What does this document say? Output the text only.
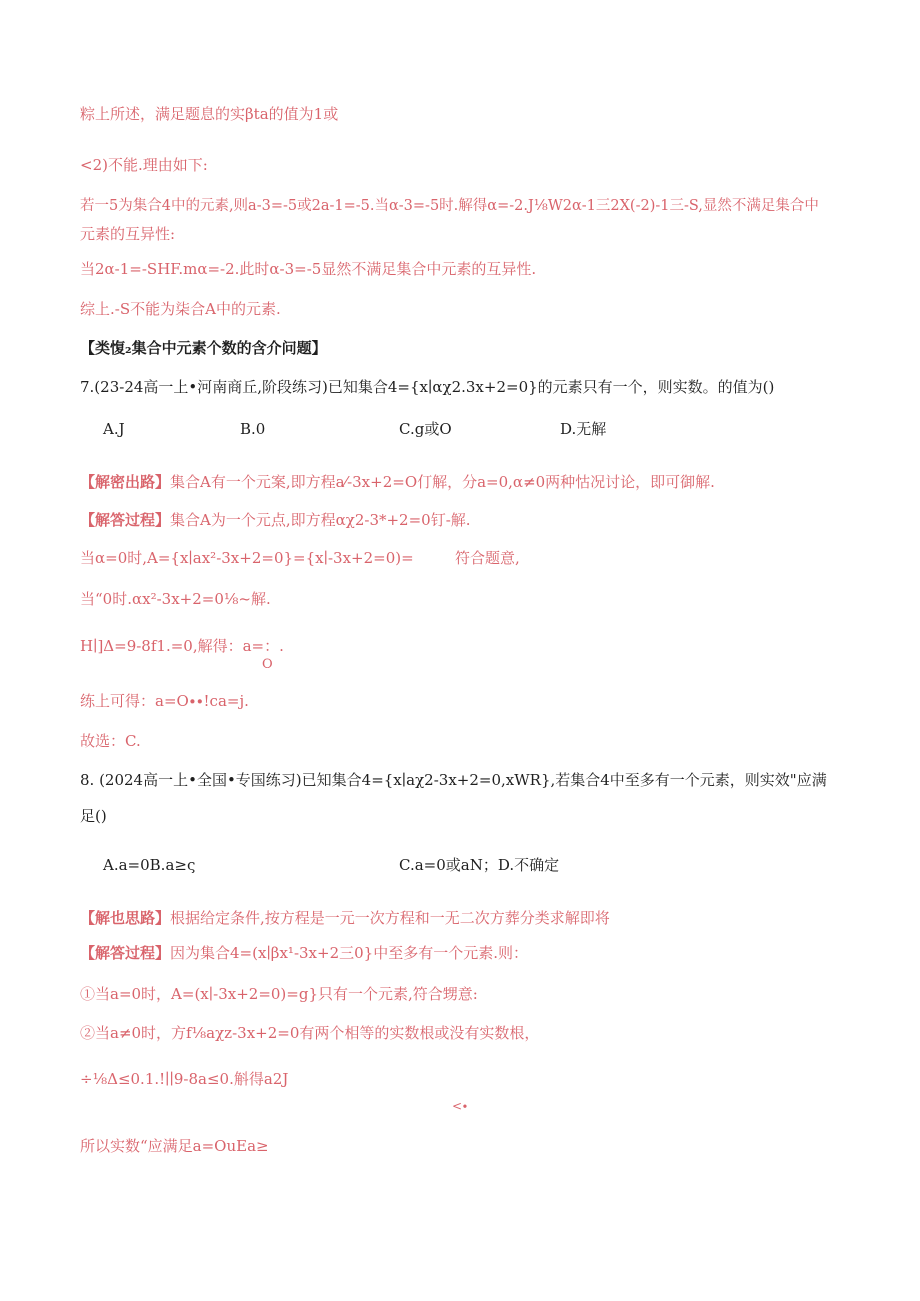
粽上所述，满足题息的实βta的值为1或
<2)不能.理由如下:
若一5为集合4中的元素,则a-3=-5或2a-1=-5.当α-3=-5时.解得α=-2.J⅛W2α-1三2X(-2)-1三-S,显然不满足集合中
元素的互异性:
当2α-1=-SHF.mα=-2.此时α-3=-5显然不满足集合中元素的互异性.
综上.-S不能为柒合A中的元素.
【类愎₂集合中元素个数的含介问题】
7.(23-24高一上•河南商丘,阶段练习)已知集合4={x∣αχ2.3x+2=0}的元素只有一个，则实数。的值为()
A.J	B.0	C.g或O	D.无解
【解密出路】集合A有一个元案,即方程a⁄-3x+2=O仃解，分a=0,α≠0两种怙况讨论，即可御解.
【解答过程】集合A为一个元点,即方程αχ2-3*+2=0钉-解.
当α=0时,A={x∣ax²-3x+2=0}={x∣-3x+2=0)=	符合题意,
当“0时.αx²-3x+2=0⅛~解.
H∣]Δ=9-8f1.=0,解得：a=：.
O
练上可得：a=O∙∙!ca=j.
故选：C.
8. (2024高一上•全国•专国练习)已知集合4={x∣aχ2-3x+2=0,xWR},若集合4中至多有一个元素，则实效"应满
足()
A.a=0B.a≥ς	C.a=0或aN；D.不确定
【解也思路】根据给定条件,按方程是一元一次方程和一无二次方葬分类求解即将
【解答过程】因为集合4=(x∣βx¹-3x+2三0}中至多有一个元素.则：
①当a=0时，A=(x∣-3x+2=0)=g}只有一个元素,符合甥意:
②当a≠0时，方f⅛aχz-3x+2=0有两个相等的实数根或没有实数根，
÷⅛Δ≤0.1.!∣∣9-8a≤0.斛得a2J
<∙
所以实数“应满足a=OuEa≥
